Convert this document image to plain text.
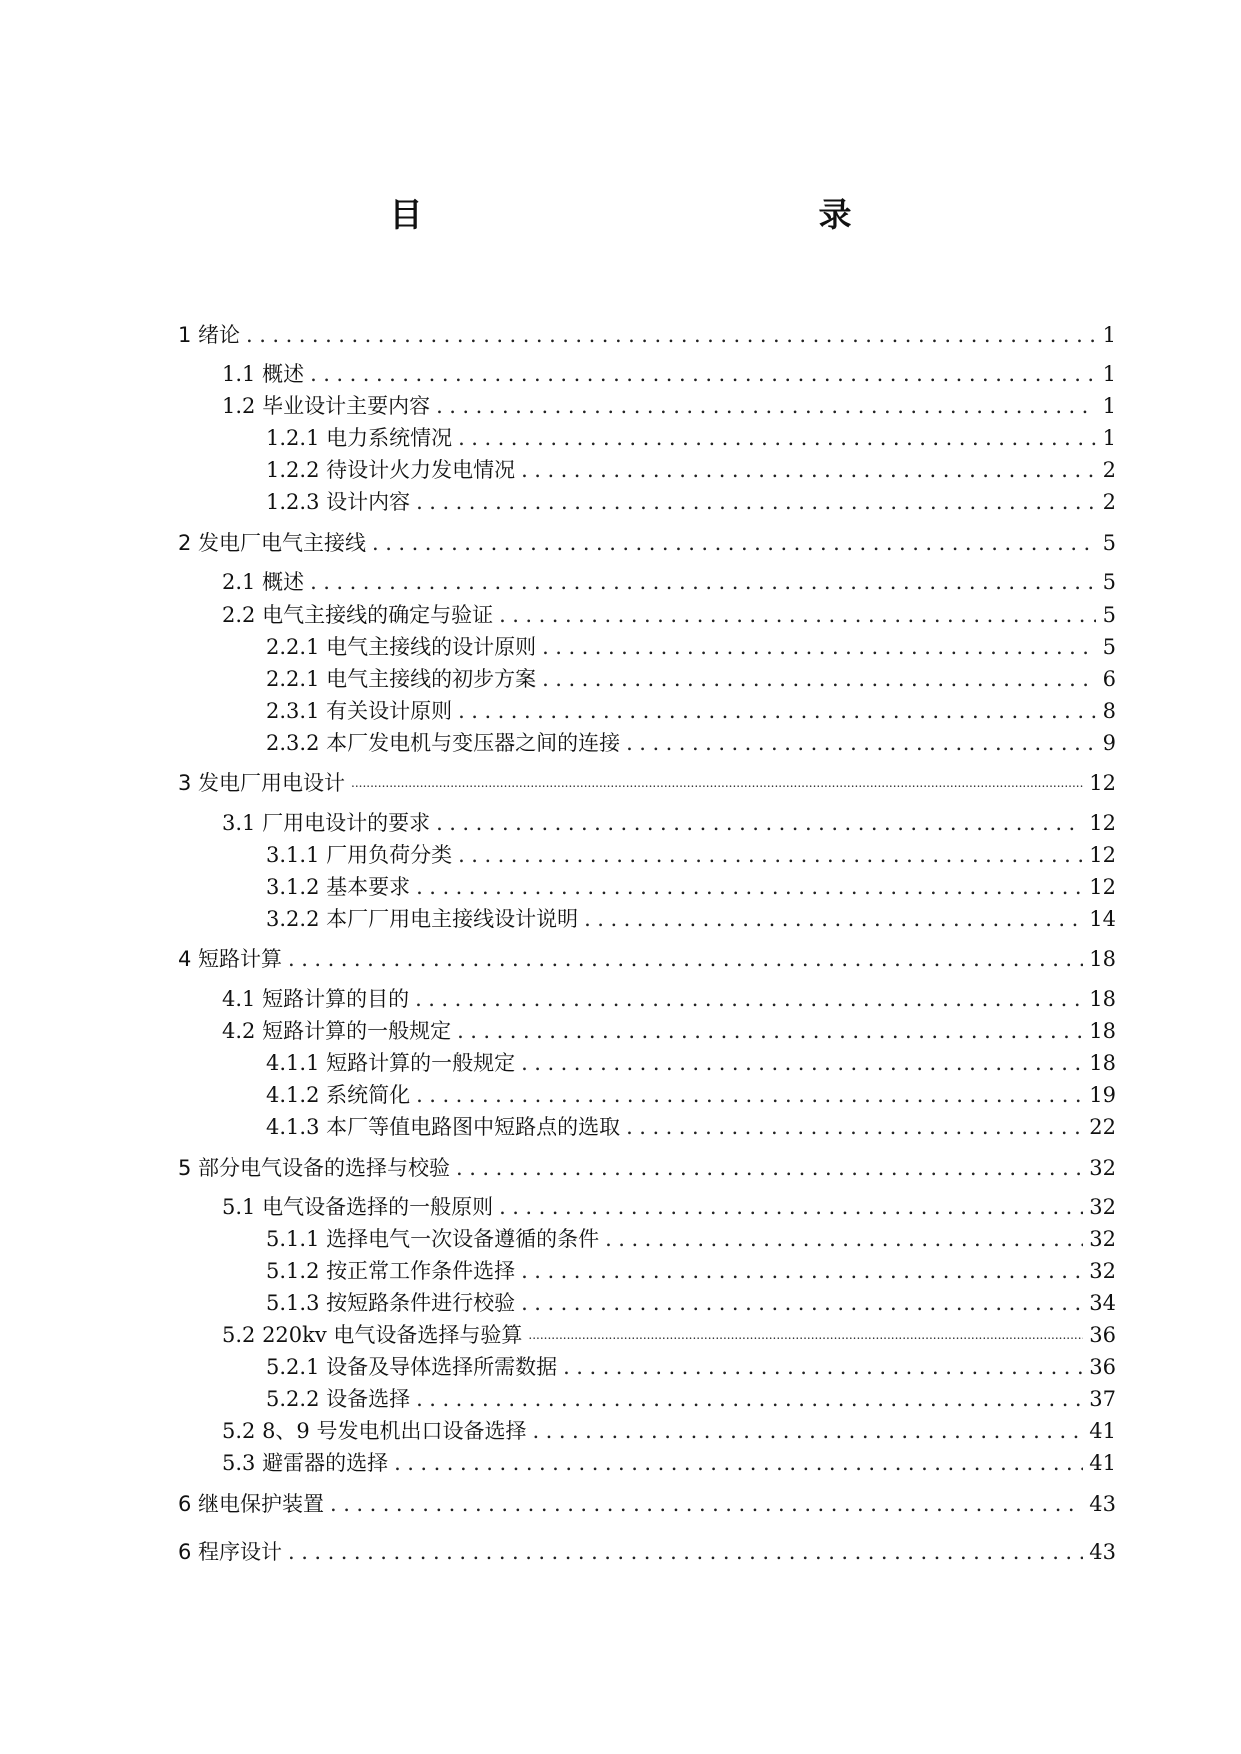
目　　录
1 绪论 .....	1
1.1 概述 .....	1
1.2 毕业设计主要内容 .....	1
1.2.1 电力系统情况 .....	1
1.2.2 待设计火力发电情况 .....	2
1.2.3 设计内容 .....	2
2 发电厂电气主接线 .....	5
2.1 概述 .....	5
2.2 电气主接线的确定与验证 .....	5
2.2.1 电气主接线的设计原则 .....	5
2.2.1 电气主接线的初步方案 .....	6
2.3.1 有关设计原则 .....	8
2.3.2 本厂发电机与变压器之间的连接 .....	9
3 发电厂用电设计 .....	12
3.1 厂用电设计的要求 .....	12
3.1.1 厂用负荷分类 .....	12
3.1.2 基本要求 .....	12
3.2.2 本厂厂用电主接线设计说明 .....	14
4 短路计算 .....	18
4.1 短路计算的目的 .....	18
4.2 短路计算的一般规定 .....	18
4.1.1 短路计算的一般规定 .....	18
4.1.2 系统简化 .....	19
4.1.3 本厂等值电路图中短路点的选取 .....	22
5 部分电气设备的选择与校验 .....	32
5.1 电气设备选择的一般原则 .....	32
5.1.1 选择电气一次设备遵循的条件 .....	32
5.1.2 按正常工作条件选择 .....	32
5.1.3 按短路条件进行校验 .....	34
5.2 220kv 电气设备选择与验算 .....	36
5.2.1 设备及导体选择所需数据 .....	36
5.2.2 设备选择 .....	37
5.2 8、9 号发电机出口设备选择 .....	41
5.3 避雷器的选择 .....	41
6 继电保护装置 .....	43
6 程序设计 .....	43
